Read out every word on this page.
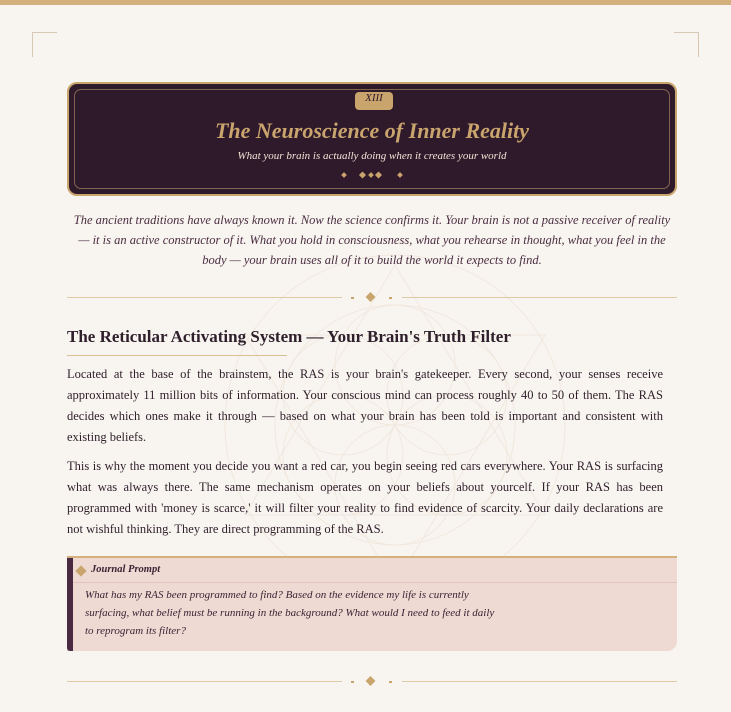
XIII
The Neuroscience of Inner Reality

What your brain is actually doing when it creates your world

The ancient traditions have always known it. Now the science confirms it. Your brain is not a passive receiver of reality — it is an active constructor of it. What you hold in consciousness, what you rehearse in thought, what you feel in the body — your brain uses all of it to build the world it expects to find.

The Reticular Activating System — Your Brain's Truth Filter

Located at the base of the brainstem, the RAS is your brain's gatekeeper. Every second, your senses receive approximately 11 million bits of information. Your conscious mind can process roughly 40 to 50 of them. The RAS decides which ones make it through — based on what your brain has been told is important and consistent with existing beliefs.

This is why the moment you decide you want a red car, you begin seeing red cars everywhere. Your RAS is surfacing what was always there. The same mechanism operates on your beliefs about yourcelf. If your RAS has been programmed with 'money is scarce,' it will filter your reality to find evidence of scarcity. Your daily declarations are not wishful thinking. They are direct programming of the RAS.

Journal Prompt

What has my RAS been programmed to find? Based on the evidence my life is currently surfacing, what belief must be running in the background? What would I need to feed it daily to reprogram its filter?
